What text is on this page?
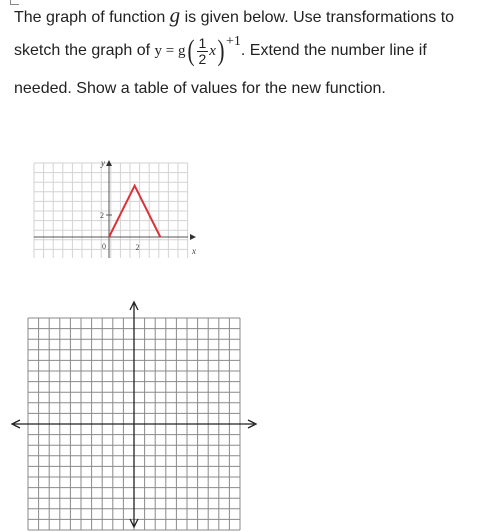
The graph of function g is given below. Use transformations to
sketch the graph of $y = g( \frac{1}{2} x) +1$. Extend the number line if
needed. Show a table of values for the new function.
y
x
0	2
2
